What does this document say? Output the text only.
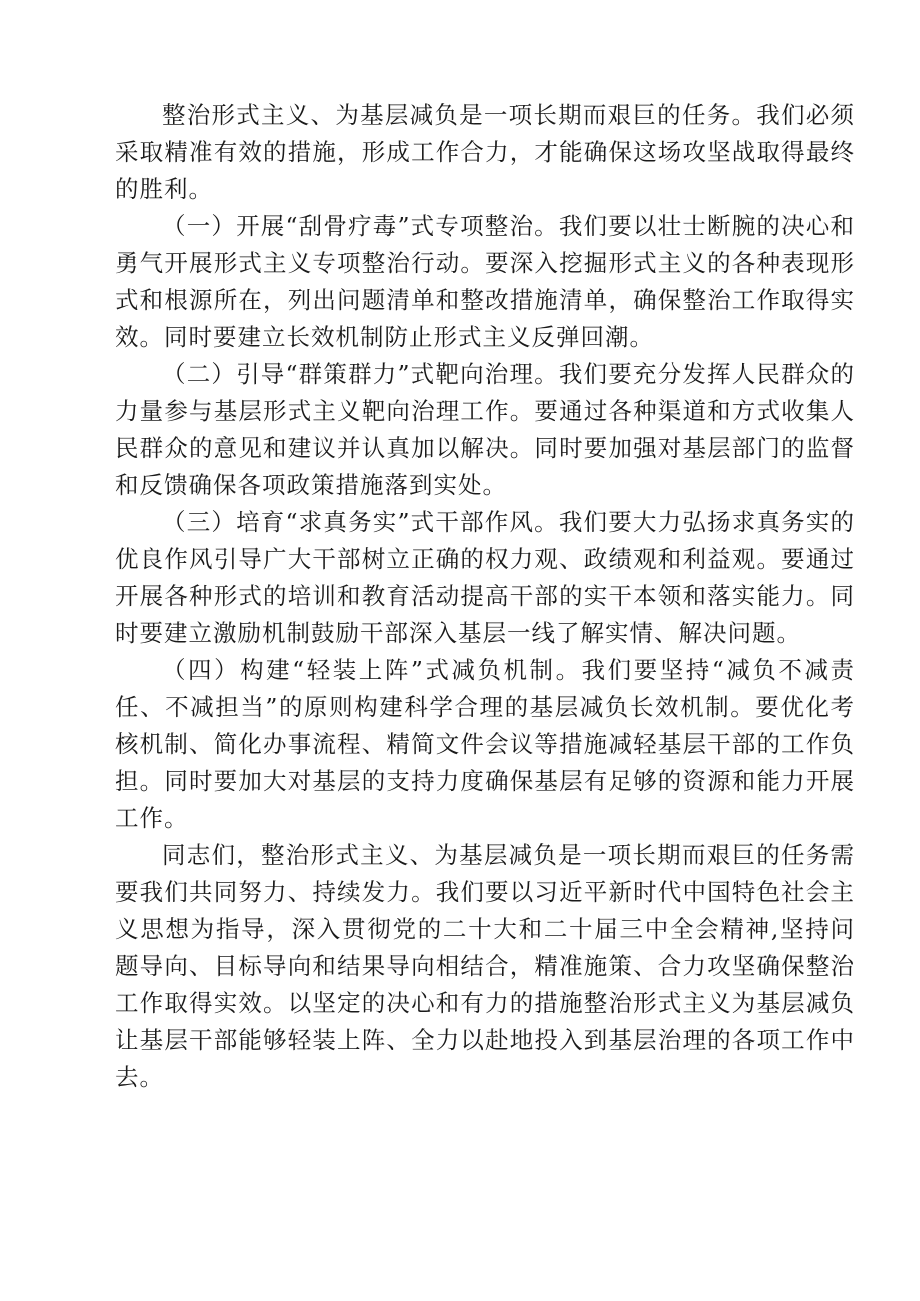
整治形式主义、为基层减负是一项长期而艰巨的任务。我们必须采取精准有效的措施，形成工作合力，才能确保这场攻坚战取得最终的胜利。

（一）开展“刮骨疗毒”式专项整治。我们要以壮士断腕的决心和勇气开展形式主义专项整治行动。要深入挖掘形式主义的各种表现形式和根源所在，列出问题清单和整改措施清单，确保整治工作取得实效。同时要建立长效机制防止形式主义反弹回潮。

（二）引导“群策群力”式靶向治理。我们要充分发挥人民群众的力量参与基层形式主义靶向治理工作。要通过各种渠道和方式收集人民群众的意见和建议并认真加以解决。同时要加强对基层部门的监督和反馈确保各项政策措施落到实处。

（三）培育“求真务实”式干部作风。我们要大力弘扬求真务实的优良作风引导广大干部树立正确的权力观、政绩观和利益观。要通过开展各种形式的培训和教育活动提高干部的实干本领和落实能力。同时要建立激励机制鼓励干部深入基层一线了解实情、解决问题。

（四）构建“轻装上阵”式减负机制。我们要坚持“减负不减责任、不减担当”的原则构建科学合理的基层减负长效机制。要优化考核机制、简化办事流程、精简文件会议等措施减轻基层干部的工作负担。同时要加大对基层的支持力度确保基层有足够的资源和能力开展工作。

同志们，整治形式主义、为基层减负是一项长期而艰巨的任务需要我们共同努力、持续发力。我们要以习近平新时代中国特色社会主义思想为指导，深入贯彻党的二十大和二十届三中全会精神,坚持问题导向、目标导向和结果导向相结合，精准施策、合力攻坚确保整治工作取得实效。以坚定的决心和有力的措施整治形式主义为基层减负让基层干部能够轻装上阵、全力以赴地投入到基层治理的各项工作中去。
